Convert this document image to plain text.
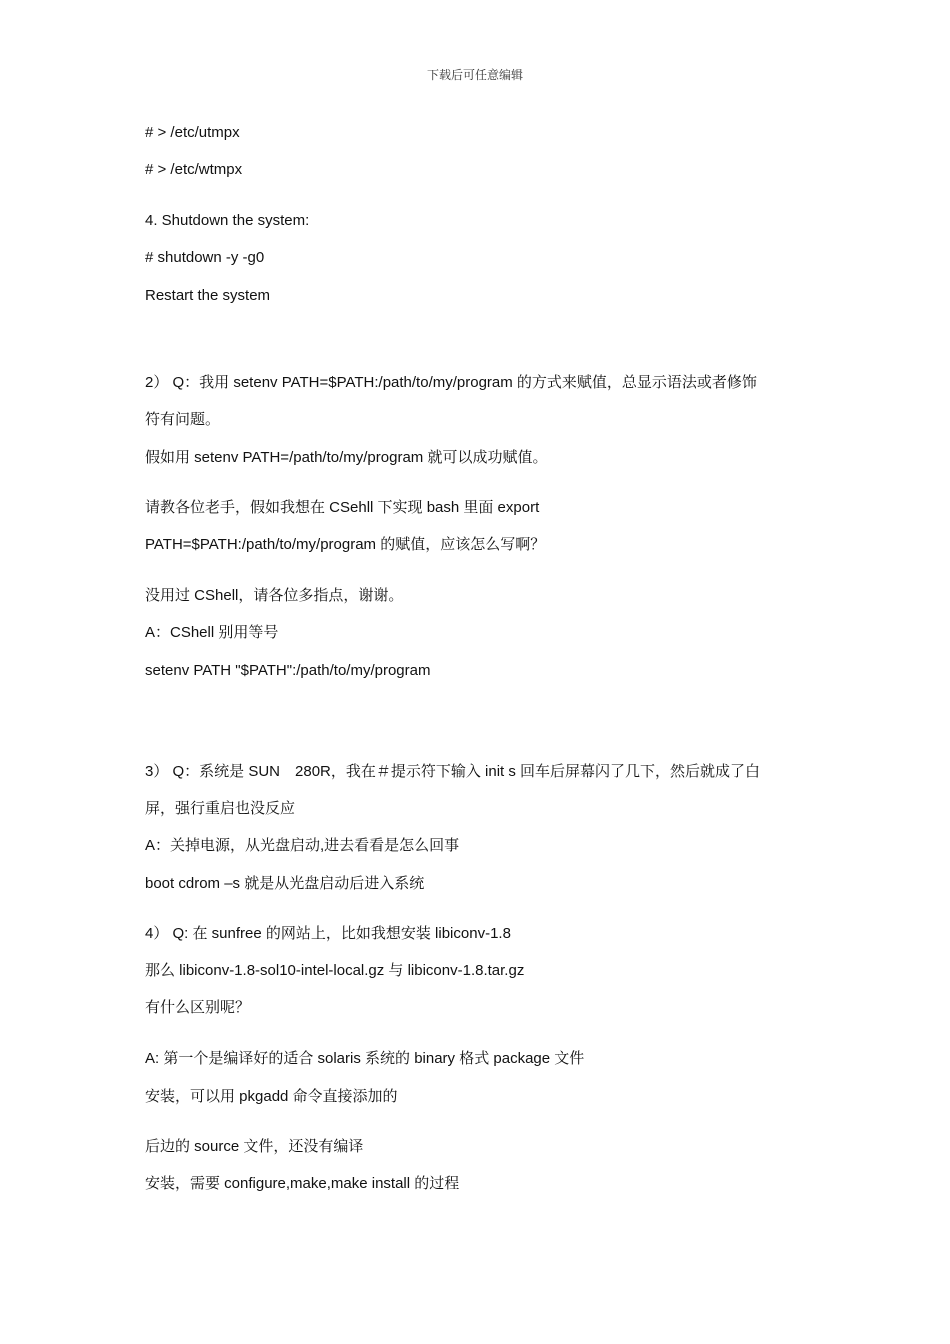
下载后可任意编辑
# > /etc/utmpx
# > /etc/wtmpx
4. Shutdown the system:
# shutdown -y -g0
Restart the system
2） Q：我用 setenv PATH=$PATH:/path/to/my/program 的方式来赋值，总显示语法或者修饰
符有问题。
假如用 setenv PATH=/path/to/my/program 就可以成功赋值。
请教各位老手，假如我想在 CSehll 下实现 bash 里面 export
PATH=$PATH:/path/to/my/program 的赋值，应该怎么写啊？
没用过 CShell，请各位多指点，谢谢。
A：CShell 别用等号
setenv PATH "$PATH":/path/to/my/program
3） Q：系统是 SUN　280R，我在＃提示符下输入 init s 回车后屏幕闪了几下，然后就成了白
屏，强行重启也没反应
A：关掉电源，从光盘启动,进去看看是怎么回事
boot cdrom –s 就是从光盘启动后进入系统
4） Q: 在 sunfree 的网站上，比如我想安装 libiconv-1.8
那么 libiconv-1.8-sol10-intel-local.gz 与 libiconv-1.8.tar.gz
有什么区别呢？
A: 第一个是编译好的适合 solaris 系统的 binary 格式 package 文件
安装，可以用 pkgadd 命令直接添加的
后边的 source 文件，还没有编译
安装，需要 configure,make,make install 的过程
